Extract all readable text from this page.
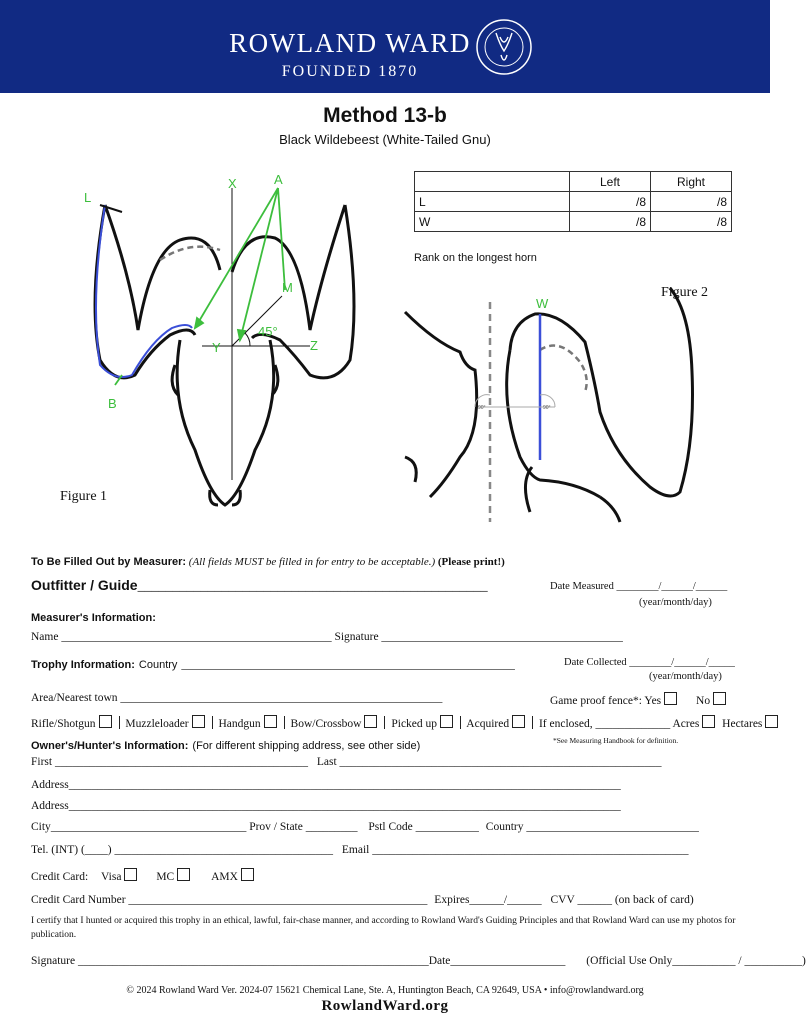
ROWLAND WARD
FOUNDED 1870
Method 13-b
Black Wildebeest (White-Tailed Gnu)
L
X	A
M
Y	Z
B
45°
Figure 1
	Left	Right
L	/8	/8
W	/8	/8
Rank on the longest horn
90°	90°
W
Figure 2
To Be Filled Out by Measurer: (All fields MUST be filled in for entry to be acceptable.) (Please print!)
Outfitter / Guide__________________________________________________	Date Measured ________/______/______
(year/month/day)
Measurer's Information:
Name _______________________________________________ Signature __________________________________________
Trophy Information: Country __________________________________________________________	Date Collected ________/______/_____
(year/month/day)
Area/Nearest town ________________________________________________________	Game proof fence*: Yes	No
Rifle/Shotgun	Muzzleloader	Handgun	Bow/Crossbow	Picked up	Acquired	If enclosed, _____________ Acres Hectares
Owner's/Hunter's Information: (For different shipping address, see other side)	*See Measuring Handbook for definition.
First ____________________________________________ Last ________________________________________________________
Address________________________________________________________________________________________________
Address________________________________________________________________________________________________
City__________________________________ Prov / State _________ Pstl Code ___________ Country ______________________________
Tel. (INT) (____) ______________________________________ Email _______________________________________________________
Credit Card: Visa	MC	AMX
Credit Card Number ____________________________________________________ Expires______/______ CVV ______ (on back of card)
I certify that I hunted or acquired this trophy in an ethical, lawful, fair-chase manner, and according to Rowland Ward's Guiding Principles and that Rowland Ward can use my photos for publication.
Signature _____________________________________________________________Date____________________ (Official Use Only___________ / __________)
© 2024 Rowland Ward Ver. 2024-07 15621 Chemical Lane, Ste. A, Huntington Beach, CA 92649, USA • info@rowlandward.org
RowlandWard.org
